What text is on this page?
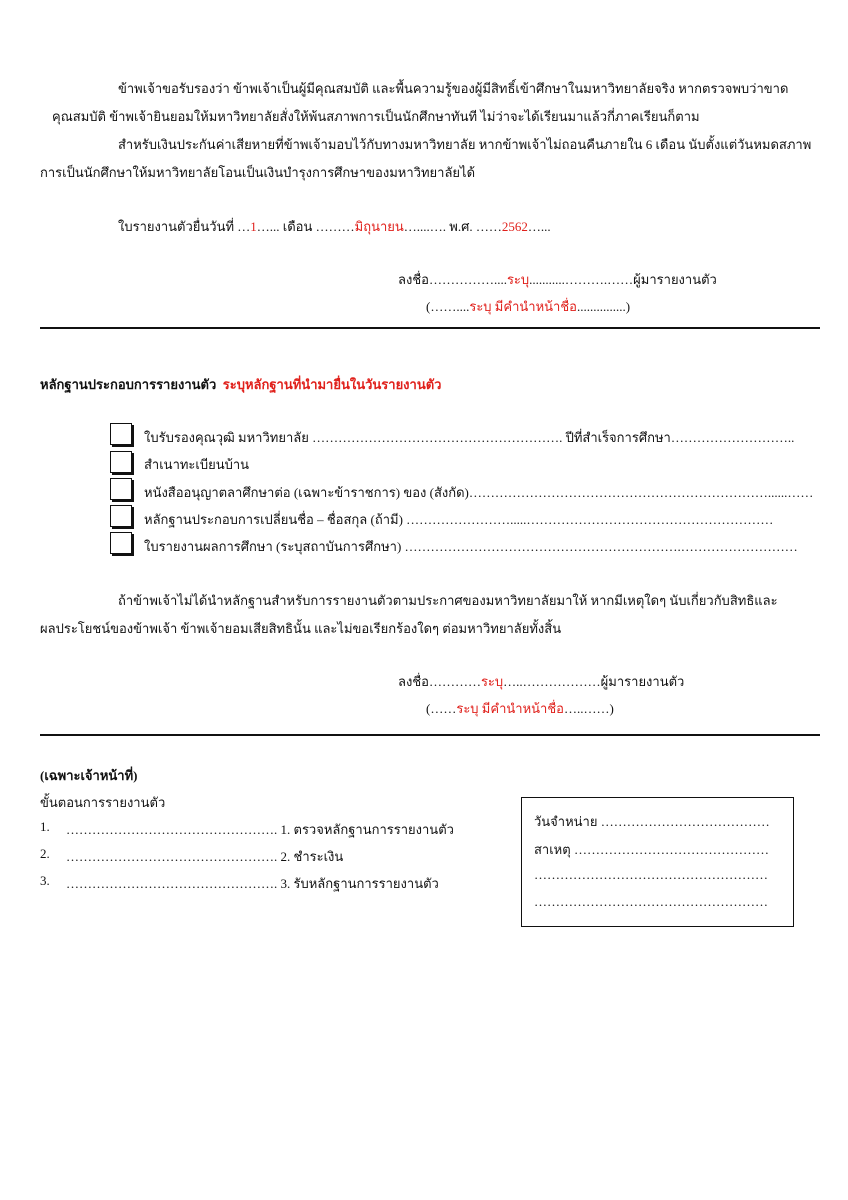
ข้าพเจ้าขอรับรองว่า ข้าพเจ้าเป็นผู้มีคุณสมบัติ และพื้นความรู้ของผู้มีสิทธิ์เข้าศึกษาในมหาวิทยาลัยจริง หากตรวจพบว่าขาด
คุณสมบัติ ข้าพเจ้ายินยอมให้มหาวิทยาลัยสั่งให้พ้นสภาพการเป็นนักศึกษาทันที ไม่ว่าจะได้เรียนมาแล้วกี่ภาคเรียนก็ตาม
สำหรับเงินประกันค่าเสียหายที่ข้าพเจ้ามอบไว้กับทางมหาวิทยาลัย หากข้าพเจ้าไม่ถอนคืนภายใน 6 เดือน นับตั้งแต่วันหมดสภาพ
การเป็นนักศึกษาให้มหาวิทยาลัยโอนเป็นเงินบำรุงการศึกษาของมหาวิทยาลัยได้
ใบรายงานตัวยื่นวันที่ …1…... เดือน ………มิถุนายน…....…. พ.ศ. ……2562…...
ลงชื่อ……………....ระบุ...........……….……ผู้มารายงานตัว
(……....ระบุ มีคำนำหน้าชื่อ...............)
หลักฐานประกอบการรายงานตัว ระบุหลักฐานที่นำมายื่นในวันรายงานตัว
ใบรับรองคุณวุฒิ มหาวิทยาลัย …………………………………………………. ปีที่สำเร็จการศึกษา………………………..
สำเนาทะเบียนบ้าน
หนังสืออนุญาตลาศึกษาต่อ (เฉพาะข้าราชการ) ของ (สังกัด)……………………………………………………………......……
หลักฐานประกอบการเปลี่ยนชื่อ – ชื่อสกุล (ถ้ามี) …………………….....…………………………………………………
ใบรายงานผลการศึกษา (ระบุสถาบันการศึกษา) ……………………………………………………….………………………
ถ้าข้าพเจ้าไม่ได้นำหลักฐานสำหรับการรายงานตัวตามประกาศของมหาวิทยาลัยมาให้ หากมีเหตุใดๆ นับเกี่ยวกับสิทธิและ
ผลประโยชน์ของข้าพเจ้า ข้าพเจ้ายอมเสียสิทธินั้น และไม่ขอเรียกร้องใดๆ ต่อมหาวิทยาลัยทั้งสิ้น
ลงชื่อ…………ระบุ…..………………ผู้มารายงานตัว
(……ระบุ มีคำนำหน้าชื่อ…..……)
(เฉพาะเจ้าหน้าที่)
ขั้นตอนการรายงานตัว
1. …………………………………………. 1. ตรวจหลักฐานการรายงานตัว
2. …………………………………………. 2. ชำระเงิน
3. …………………………………………. 3. รับหลักฐานการรายงานตัว
วันจำหน่าย …………………………………
สาเหตุ ………………………………………
………………………………………………
………………………………………………
